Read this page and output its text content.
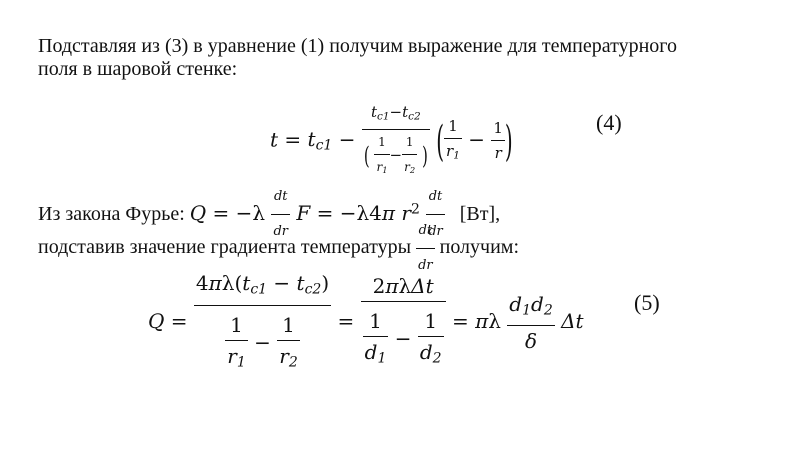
Подставляя из (3) в уравнение (1) получим выражение для температурного
поля в шаровой стенке:
$t = t_{c1} - \frac{t_{c1}-t_{c2}}{( \frac{1}{r_1} - \frac{1}{r_2} )}$ ( $\frac{1}{r_1} - \frac{1}{r}$ )	(4)
Из закона Фурье: $Q = -\lambda \frac{dt}{dr}$ F = −λ4π $r^2 \frac{dt}{dr} [Вт]$,
подставив значение градиента температуры $\frac{dt}{dr}$ получим:
$Q = \frac{4\pi\lambda(t_{c1} - t_{c2})}{\frac{1}{r_1} - \frac{1}{r_2}} = \frac{\text{2πλΔt}}{\frac{1}{d_1} - \frac{1}{d_2}} = \pi\lambda \frac{d_1d_2}{\delta}$ Δt
(5)
